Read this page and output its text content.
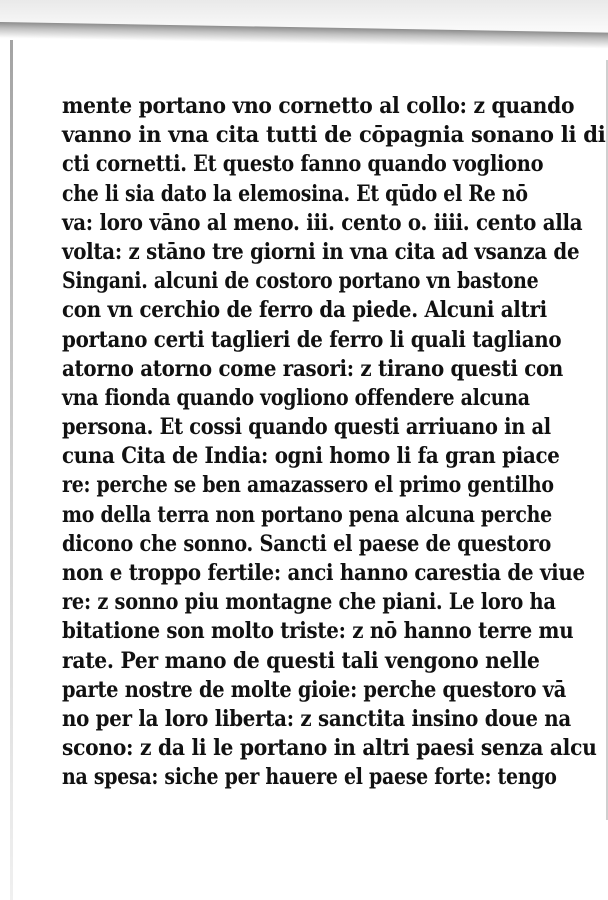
mente portano vno cornetto al collo: z quando
vanno in vna cita tutti de cōpagnia sonano li di
cti cornetti. Et questo fanno quando vogliono
che li sia dato la elemosina. Et qūdo el Re nō
va: loro vāno al meno. iii. cento o. iiii. cento alla
volta: z stāno tre giorni in vna cita ad vsanza de
Singani. alcuni de costoro portano vn bastone
con vn cerchio de ferro da piede. Alcuni altri
portano certi taglieri de ferro li quali tagliano
atorno atorno come rasori: z tirano questi con
vna fionda quando vogliono offendere alcuna
persona. Et cossi quando questi arriuano in al
cuna Cita de India: ogni homo li fa gran piace
re: perche se ben amazassero el primo gentilho
mo della terra non portano pena alcuna perche
dicono che sonno. Sancti el paese de questoro
non e troppo fertile: anci hanno carestia de viue
re: z sonno piu montagne che piani. Le loro ha
bitatione son molto triste: z nō hanno terre mu
rate. Per mano de questi tali vengono nelle
parte nostre de molte gioie: perche questoro vā
no per la loro liberta: z sanctita insino doue na
scono: z da li le portano in altri paesi senza alcu
na spesa: siche per hauere el paese forte: tengo
